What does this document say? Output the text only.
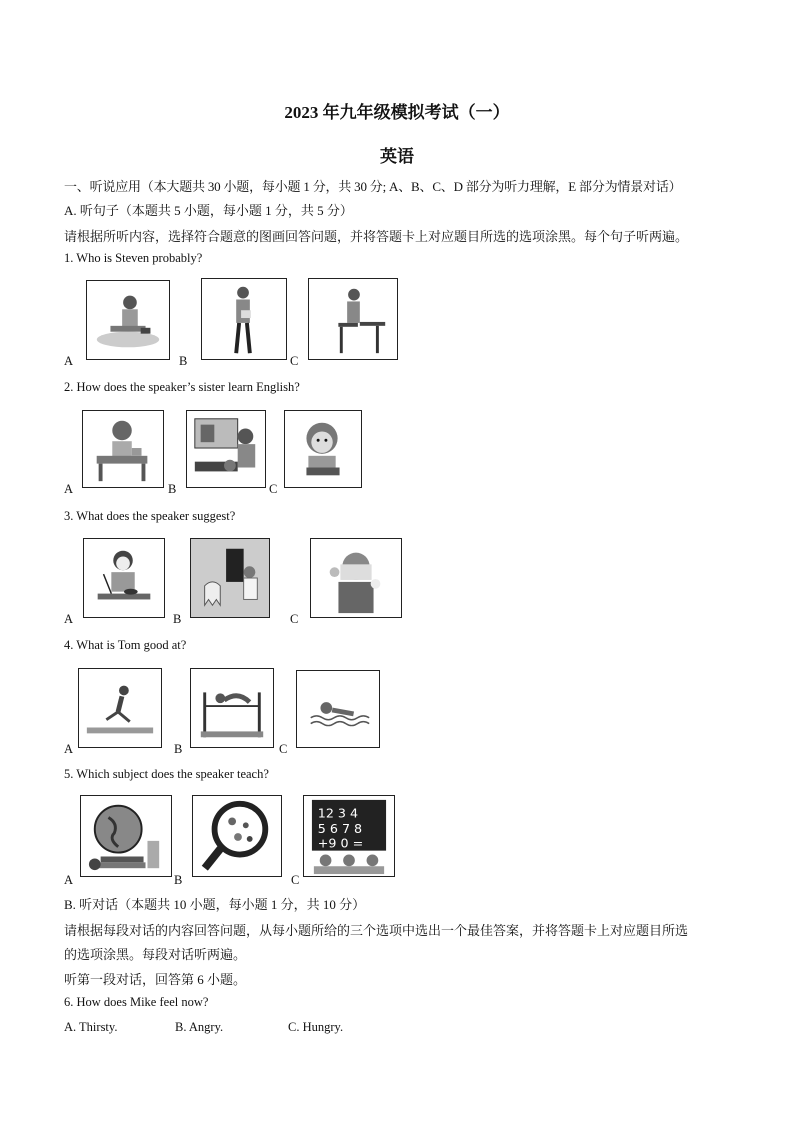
2023 年九年级模拟考试（一）
英语
一、听说应用（本大题共 30 小题，每小题 1 分，共 30 分; A、B、C、D 部分为听力理解，E 部分为情景对话）
A. 听句子（本题共 5 小题，每小题 1 分，共 5 分）
请根据所听内容，选择符合题意的图画回答问题，并将答题卡上对应题目所选的选项涂黑。每个句子听两遍。
1. Who is Steven probably?
A	B	C
2. How does the speaker’s sister learn English?
A	B	C
3. What does the speaker suggest?
A	B	C
4. What is Tom good at?
A	B	C
5. Which subject does the speaker teach?
A	B
12 3 4
5 6 7 8
+9 0 =
C
B. 听对话（本题共 10 小题，每小题 1 分，共 10 分）
请根据每段对话的内容回答问题，从每小题所给的三个选项中选出一个最佳答案，并将答题卡上对应题目所选
的选项涂黑。每段对话听两遍。
听第一段对话，回答第 6 小题。
6. How does Mike feel now?
A. Thirsty.	B. Angry.	C. Hungry.
